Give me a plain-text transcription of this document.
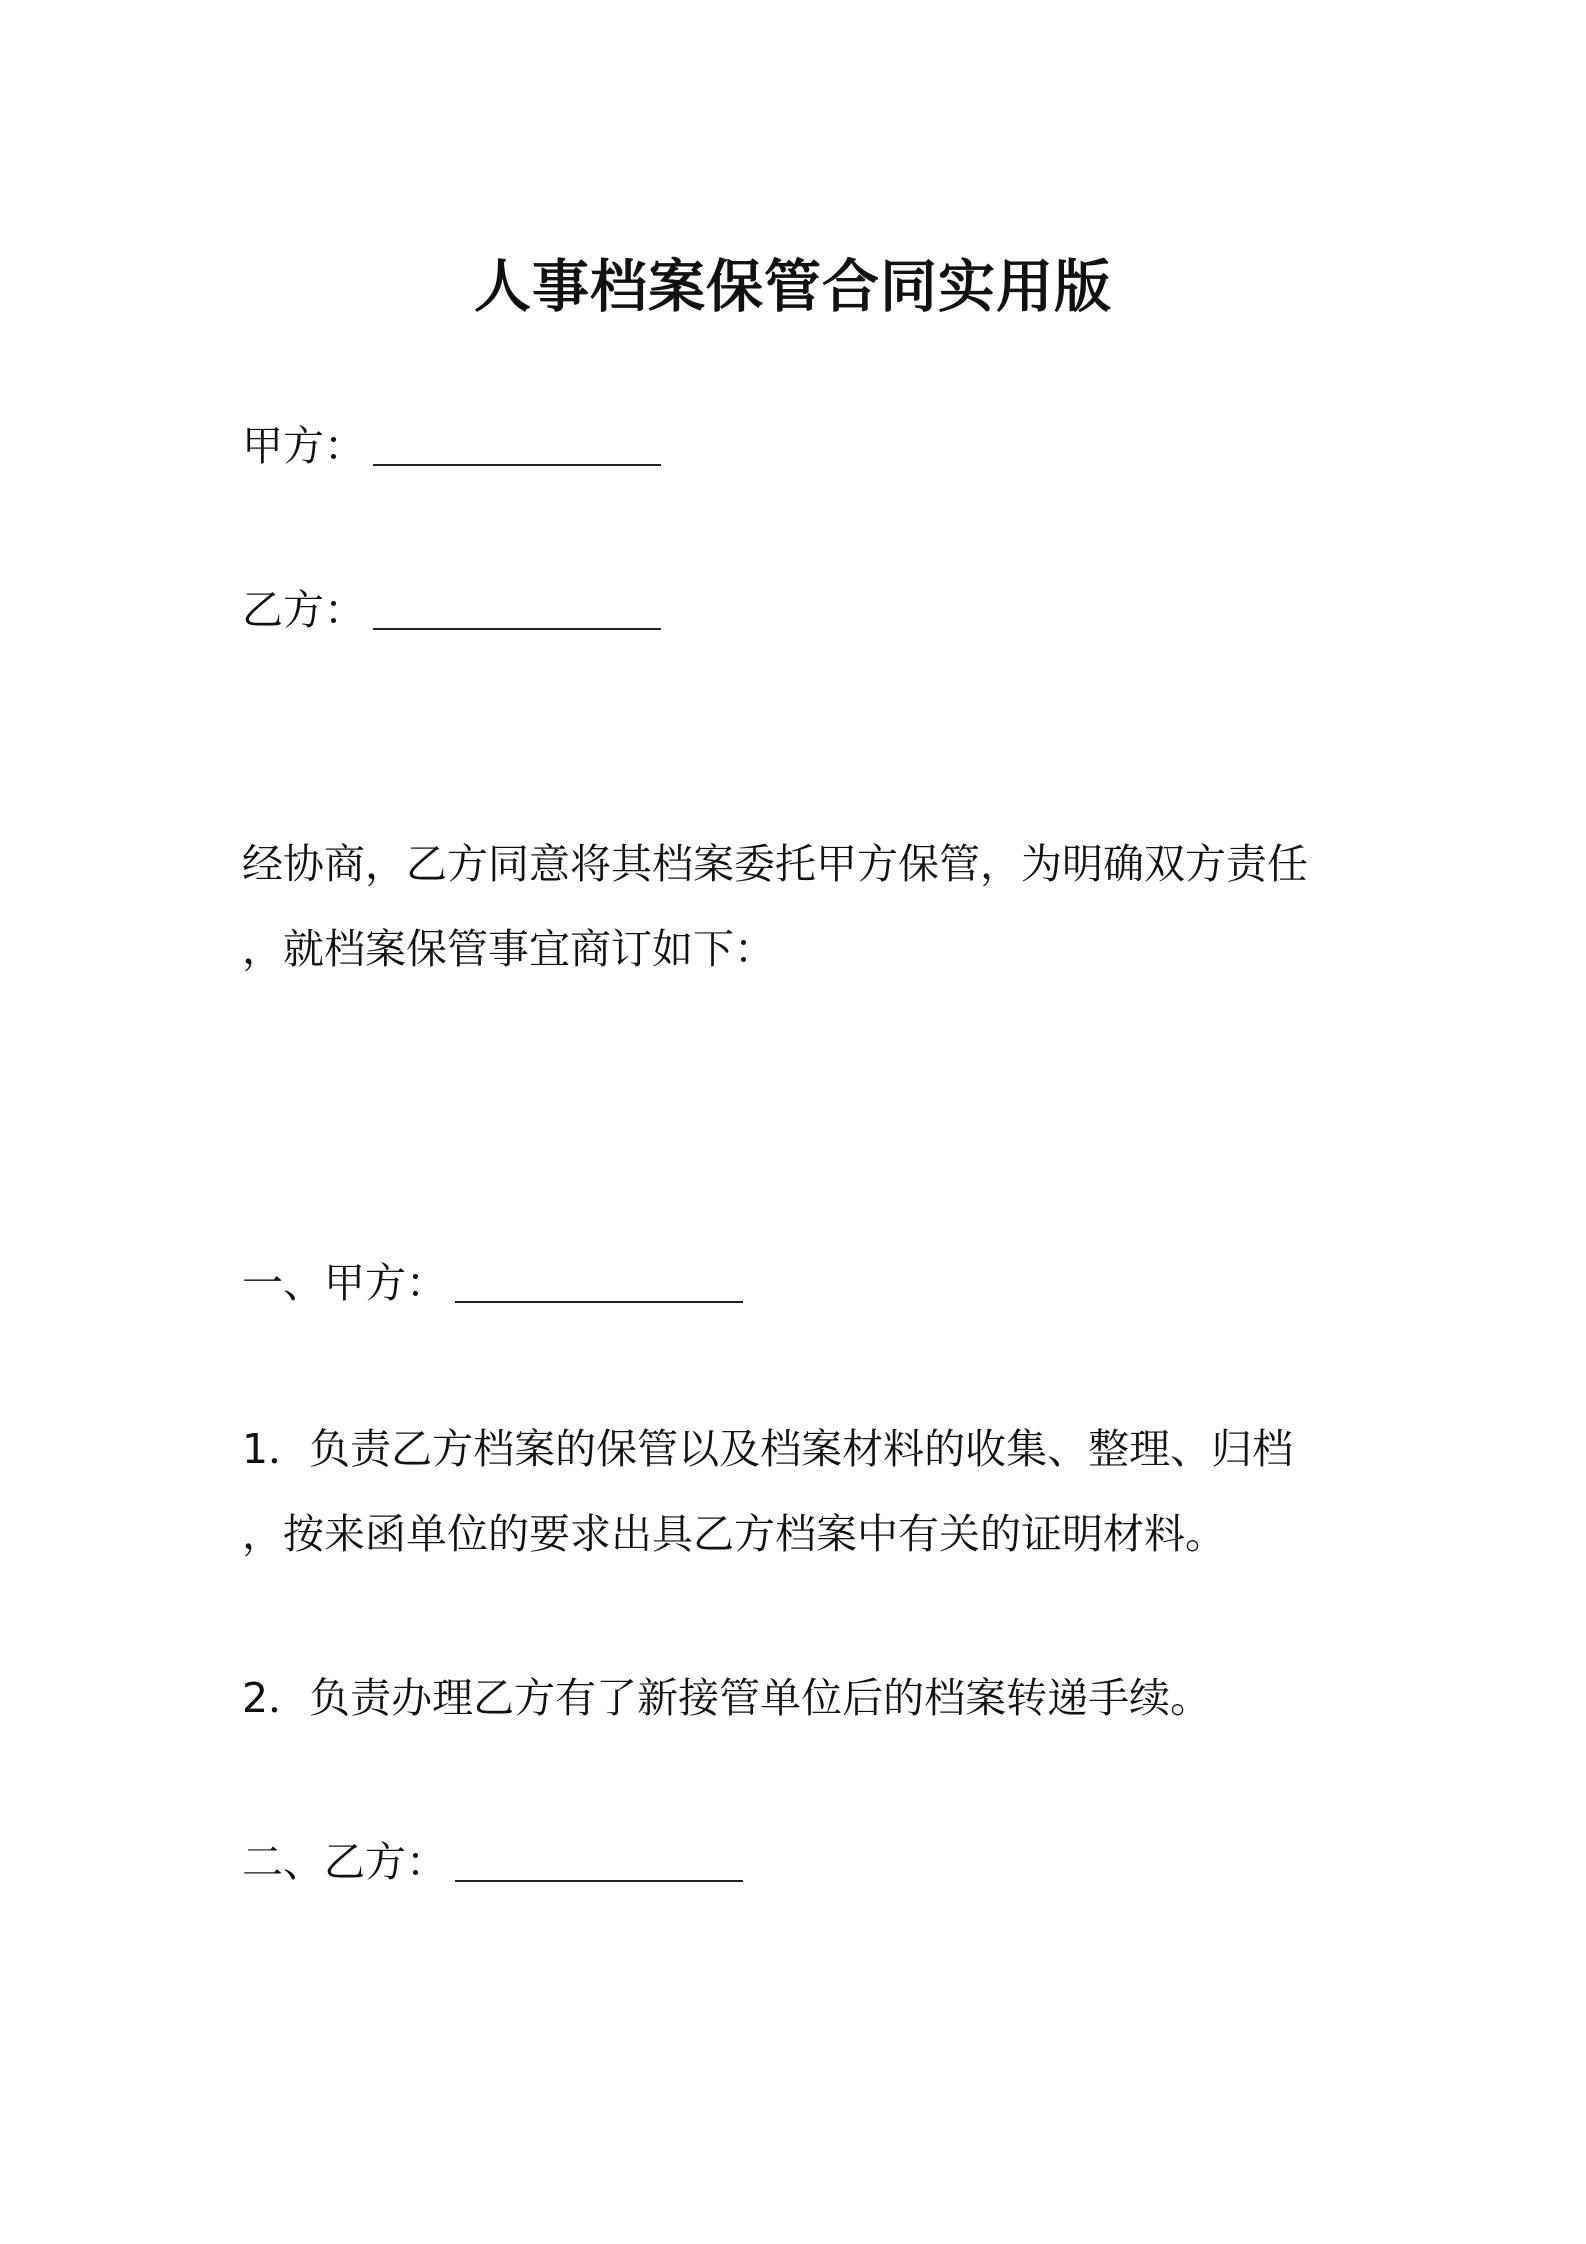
人事档案保管合同实用版
甲方：
乙方：
经协商，乙方同意将其档案委托甲方保管，为明确双方责任
，就档案保管事宜商订如下：
一、甲方：
1．负责乙方档案的保管以及档案材料的收集、整理、归档
，按来函单位的要求出具乙方档案中有关的证明材料。
2．负责办理乙方有了新接管单位后的档案转递手续。
二、乙方：
